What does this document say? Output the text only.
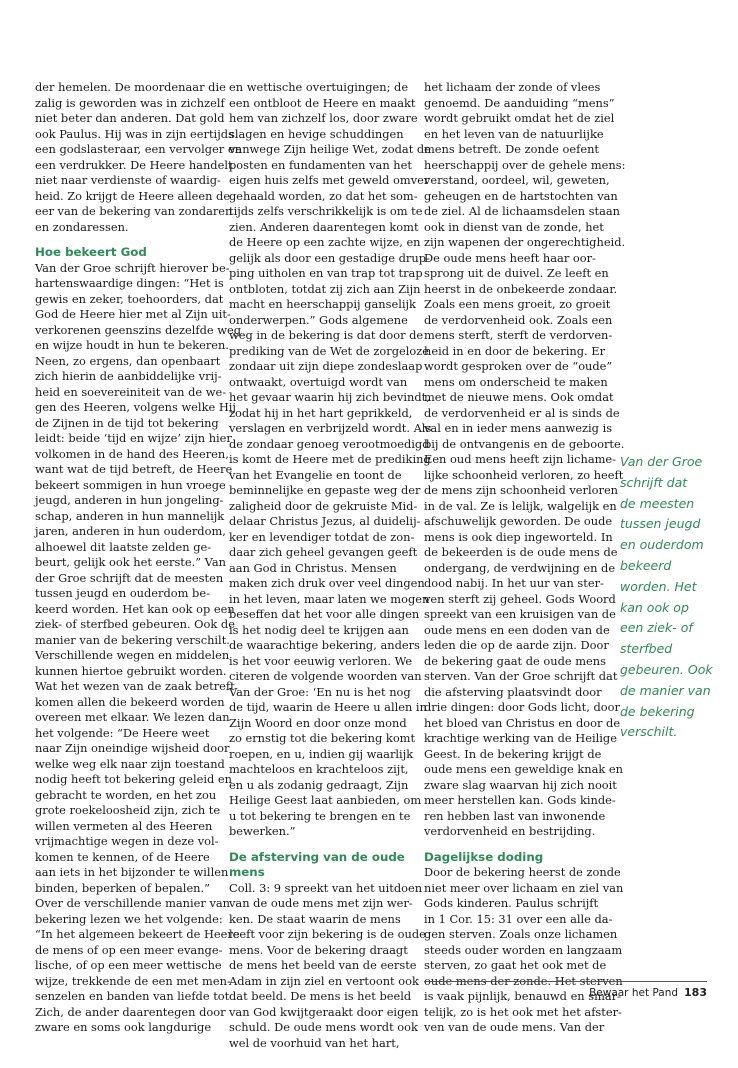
der hemelen. De moordenaar die
zalig is geworden was in zichzelf
niet beter dan anderen. Dat gold
ook Paulus. Hij was in zijn eertijds
een godslasteraar, een vervolger en
een verdrukker. De Heere handelt
niet naar verdienste of waardig-
heid. Zo krijgt de Heere alleen de
eer van de bekering van zondaren
en zondaressen.

Hoe bekeert God

Van der Groe schrijft hierover be-
hartenswaardige dingen: “Het is
gewis en zeker, toehoorders, dat
God de Heere hier met al Zijn uit-
verkorenen geenszins dezelfde weg
en wijze houdt in hun te bekeren.
Neen, zo ergens, dan openbaart
zich hierin de aanbiddelijke vrij-
heid en soevereiniteit van de we-
gen des Heeren, volgens welke Hij
de Zijnen in de tijd tot bekering
leidt: beide ‘tijd en wijze’ zijn hier
volkomen in de hand des Heeren,
want wat de tijd betreft, de Heere
bekeert sommigen in hun vroege
jeugd, anderen in hun jongeling-
schap, anderen in hun mannelijk
jaren, anderen in hun ouderdom,
alhoewel dit laatste zelden ge-
beurt, gelijk ook het eerste.” Van
der Groe schrijft dat de meesten
tussen jeugd en ouderdom be-
keerd worden. Het kan ook op een
ziek- of sterfbed gebeuren. Ook de
manier van de bekering verschilt.
Verschillende wegen en middelen
kunnen hiertoe gebruikt worden.
Wat het wezen van de zaak betreft
komen allen die bekeerd worden
overeen met elkaar. We lezen dan
het volgende: “De Heere weet
naar Zijn oneindige wijsheid door
welke weg elk naar zijn toestand
nodig heeft tot bekering geleid en
gebracht te worden, en het zou
grote roekeloosheid zijn, zich te
willen vermeten al des Heeren
vrijmachtige wegen in deze vol-
komen te kennen, of de Heere
aan iets in het bijzonder te willen
binden, beperken of bepalen.”
Over de verschillende manier van
bekering lezen we het volgende:
“In het algemeen bekeert de Heere
de mens of op een meer evange-
lische, of op een meer wettische
wijze, trekkende de een met men-
senzelen en banden van liefde tot
Zich, de ander daarentegen door
zware en soms ook langdurige

en wettische overtuigingen; de
een ontbloot de Heere en maakt
hem van zichzelf los, door zware
slagen en hevige schuddingen
vanwege Zijn heilige Wet, zodat de
posten en fundamenten van het
eigen huis zelfs met geweld omver
gehaald worden, zo dat het som-
tijds zelfs verschrikkelijk is om te
zien. Anderen daarentegen komt
de Heere op een zachte wijze, en
gelijk als door een gestadige drup-
ping uitholen en van trap tot trap
ontbloten, totdat zij zich aan Zijn
macht en heerschappij ganselijk
onderwerpen.” Gods algemene
weg in de bekering is dat door de
prediking van de Wet de zorgeloze
zondaar uit zijn diepe zondeslaap
ontwaakt, overtuigd wordt van
het gevaar waarin hij zich bevindt,
zodat hij in het hart geprikkeld,
verslagen en verbrijzeld wordt. Als
de zondaar genoeg verootmoedigd
is komt de Heere met de prediking
van het Evangelie en toont de
beminnelijke en gepaste weg der
zaligheid door de gekruiste Mid-
delaar Christus Jezus, al duidelij-
ker en levendiger totdat de zon-
daar zich geheel gevangen geeft
aan God in Christus. Mensen
maken zich druk over veel dingen
in het leven, maar laten we mogen
beseffen dat het voor alle dingen
is het nodig deel te krijgen aan
de waarachtige bekering, anders
is het voor eeuwig verloren. We
citeren de volgende woorden van
Van der Groe: ‘En nu is het nog
de tijd, waarin de Heere u allen in
Zijn Woord en door onze mond
zo ernstig tot die bekering komt
roepen, en u, indien gij waarlijk
machteloos en krachteloos zijt,
en u als zodanig gedraagt, Zijn
Heilige Geest laat aanbieden, om
u tot bekering te brengen en te
bewerken.”

De afsterving van de oude mens

Coll. 3: 9 spreekt van het uitdoen
van de oude mens met zijn wer-
ken. De staat waarin de mens
leeft voor zijn bekering is de oude
mens. Voor de bekering draagt
de mens het beeld van de eerste
Adam in zijn ziel en vertoont ook
dat beeld. De mens is het beeld
van God kwijtgeraakt door eigen
schuld. De oude mens wordt ook
wel de voorhuid van het hart,

het lichaam der zonde of vlees
genoemd. De aanduiding “mens”
wordt gebruikt omdat het de ziel
en het leven van de natuurlijke
mens betreft. De zonde oefent
heerschappij over de gehele mens:
verstand, oordeel, wil, geweten,
geheugen en de hartstochten van
de ziel. Al de lichaamsdelen staan
ook in dienst van de zonde, het
zijn wapenen der ongerechtigheid.
De oude mens heeft haar oor-
sprong uit de duivel. Ze leeft en
heerst in de onbekeerde zondaar.
Zoals een mens groeit, zo groeit
de verdorvenheid ook. Zoals een
mens sterft, sterft de verdorven-
heid in en door de bekering. Er
wordt gesproken over de “oude”
mens om onderscheid te maken
met de nieuwe mens. Ook omdat
de verdorvenheid er al is sinds de
val en in ieder mens aanwezig is
bij de ontvangenis en de geboorte.
Een oud mens heeft zijn lichame-
lijke schoonheid verloren, zo heeft
de mens zijn schoonheid verloren
in de val. Ze is lelijk, walgelijk en
afschuwelijk geworden. De oude
mens is ook diep ingeworteld. In
de bekeerden is de oude mens de
ondergang, de verdwijning en de
dood nabij. In het uur van ster-
ven sterft zij geheel. Gods Woord
spreekt van een kruisigen van de
oude mens en een doden van de
leden die op de aarde zijn. Door
de bekering gaat de oude mens
sterven. Van der Groe schrijft dat
die afsterving plaatsvindt door
drie dingen: door Gods licht, door
het bloed van Christus en door de
krachtige werking van de Heilige
Geest. In de bekering krijgt de
oude mens een geweldige knak en
zware slag waarvan hij zich nooit
meer herstellen kan. Gods kinde-
ren hebben last van inwonende
verdorvenheid en bestrijding.

Dagelijkse doding

Door de bekering heerst de zonde
niet meer over lichaam en ziel van
Gods kinderen. Paulus schrijft
in 1 Cor. 15: 31 over een alle da-
gen sterven. Zoals onze lichamen
steeds ouder worden en langzaam
sterven, zo gaat het ook met de
oude mens der zonde. Het sterven
is vaak pijnlijk, benauwd en smar-
telijk, zo is het ook met het afster-
ven van de oude mens. Van der

Van der Groe
schrijft dat
de meesten
tussen jeugd
en ouderdom
bekeerd
worden. Het
kan ook op
een ziek- of
sterfbed
gebeuren. Ook
de manier van
de bekering
verschilt.
Bewaar het Pand 183
